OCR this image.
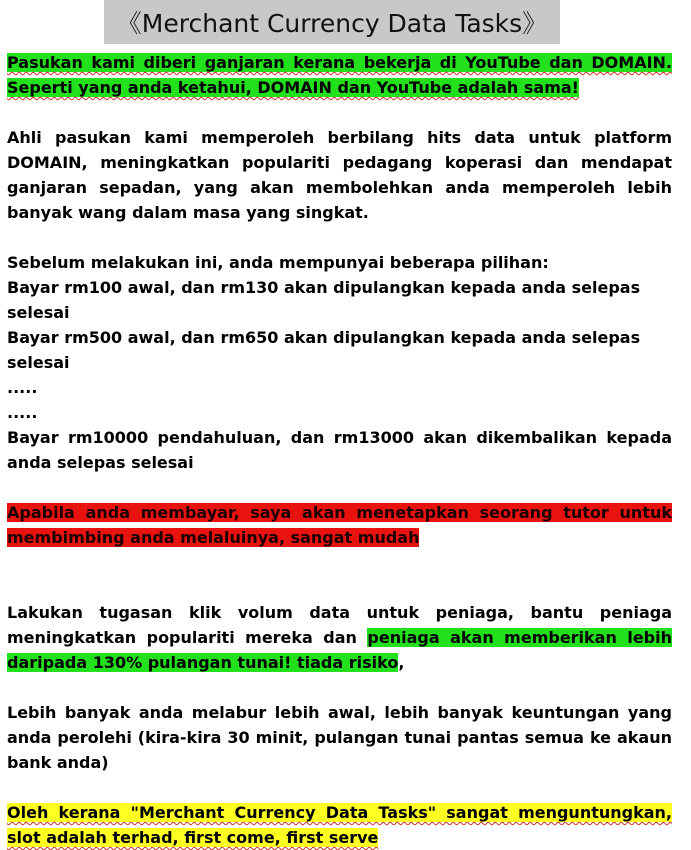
《Merchant Currency Data Tasks》

Pasukan kami diberi ganjaran kerana bekerja di YouTube dan DOMAIN. Seperti yang anda ketahui, DOMAIN dan YouTube adalah sama!

Ahli pasukan kami memperoleh berbilang hits data untuk platform DOMAIN, meningkatkan populariti pedagang koperasi dan mendapat ganjaran sepadan, yang akan membolehkan anda memperoleh lebih banyak wang dalam masa yang singkat.

Sebelum melakukan ini, anda mempunyai beberapa pilihan:

Bayar rm100 awal, dan rm130 akan dipulangkan kepada anda selepas selesai

Bayar rm500 awal, dan rm650 akan dipulangkan kepada anda selepas selesai

.....

.....

Bayar rm10000 pendahuluan, dan rm13000 akan dikembalikan kepada anda selepas selesai

Apabila anda membayar, saya akan menetapkan seorang tutor untuk membimbing anda melaluinya, sangat mudah

Lakukan tugasan klik volum data untuk peniaga, bantu peniaga meningkatkan populariti mereka dan peniaga akan memberikan lebih daripada 130% pulangan tunai! tiada risiko,

Lebih banyak anda melabur lebih awal, lebih banyak keuntungan yang anda perolehi (kira-kira 30 minit, pulangan tunai pantas semua ke akaun bank anda)

Oleh kerana "Merchant Currency Data Tasks" sangat menguntungkan, slot adalah terhad, first come, first serve
